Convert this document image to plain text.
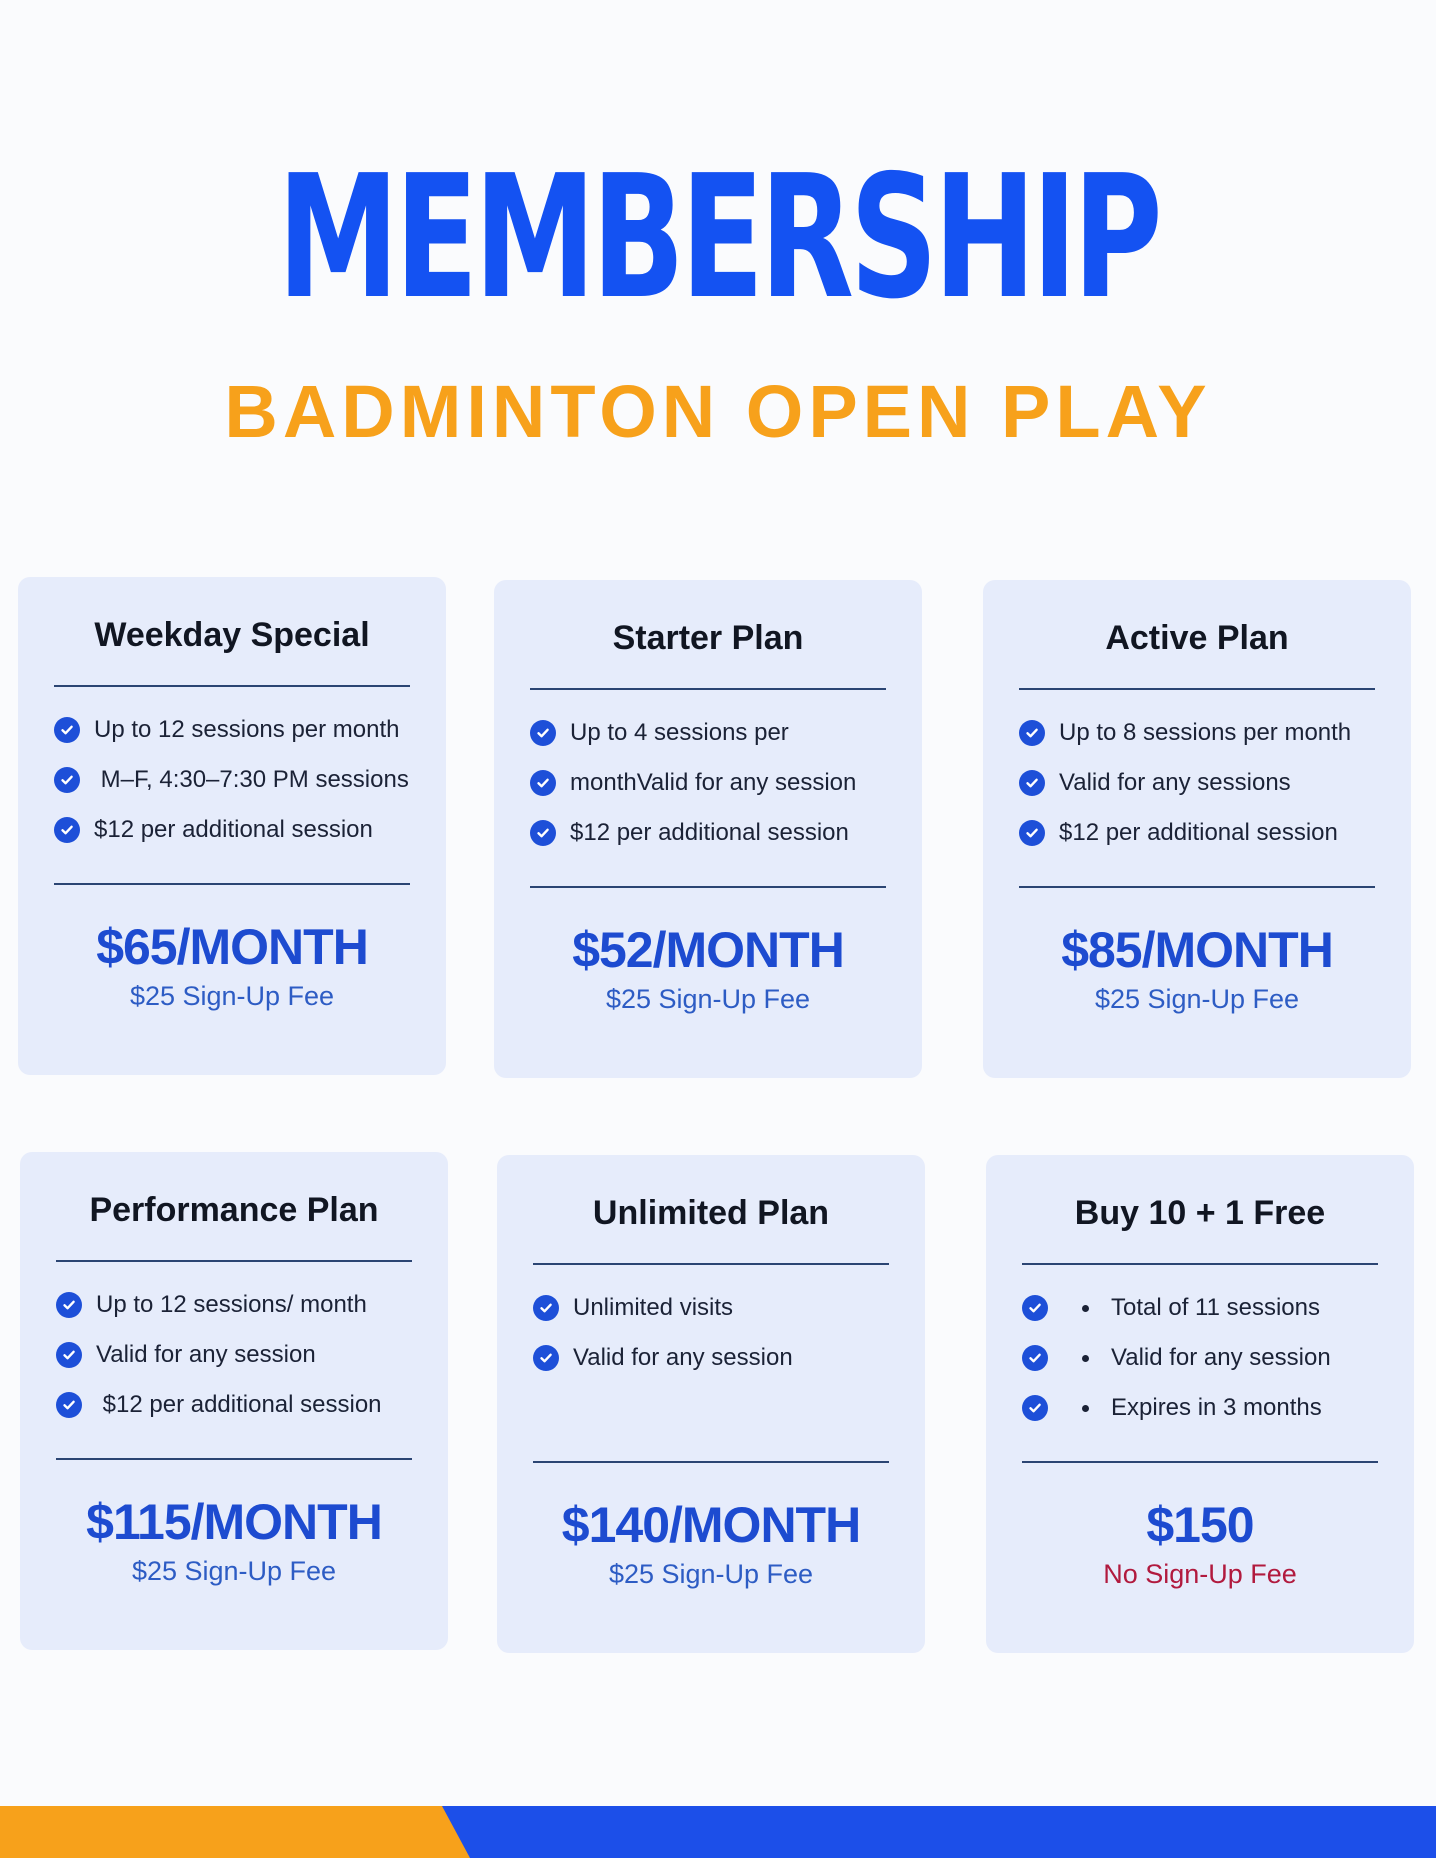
MEMBERSHIP
BADMINTON OPEN PLAY
Weekday Special
Up to 12 sessions per month
M–F, 4:30–7:30 PM sessions
$12 per additional session
$65/MONTH
$25 Sign-Up Fee
Starter Plan
Up to 4 sessions per
monthValid for any session
$12 per additional session
$52/MONTH
$25 Sign-Up Fee
Active Plan
Up to 8 sessions per month
Valid for any sessions
$12 per additional session
$85/MONTH
$25 Sign-Up Fee
Performance Plan
Up to 12 sessions/ month
Valid for any session
$12 per additional session
$115/MONTH
$25 Sign-Up Fee
Unlimited Plan
Unlimited visits
Valid for any session
$140/MONTH
$25 Sign-Up Fee
Buy 10 + 1 Free
Total of 11 sessions
Valid for any session
Expires in 3 months
$150
No Sign-Up Fee
